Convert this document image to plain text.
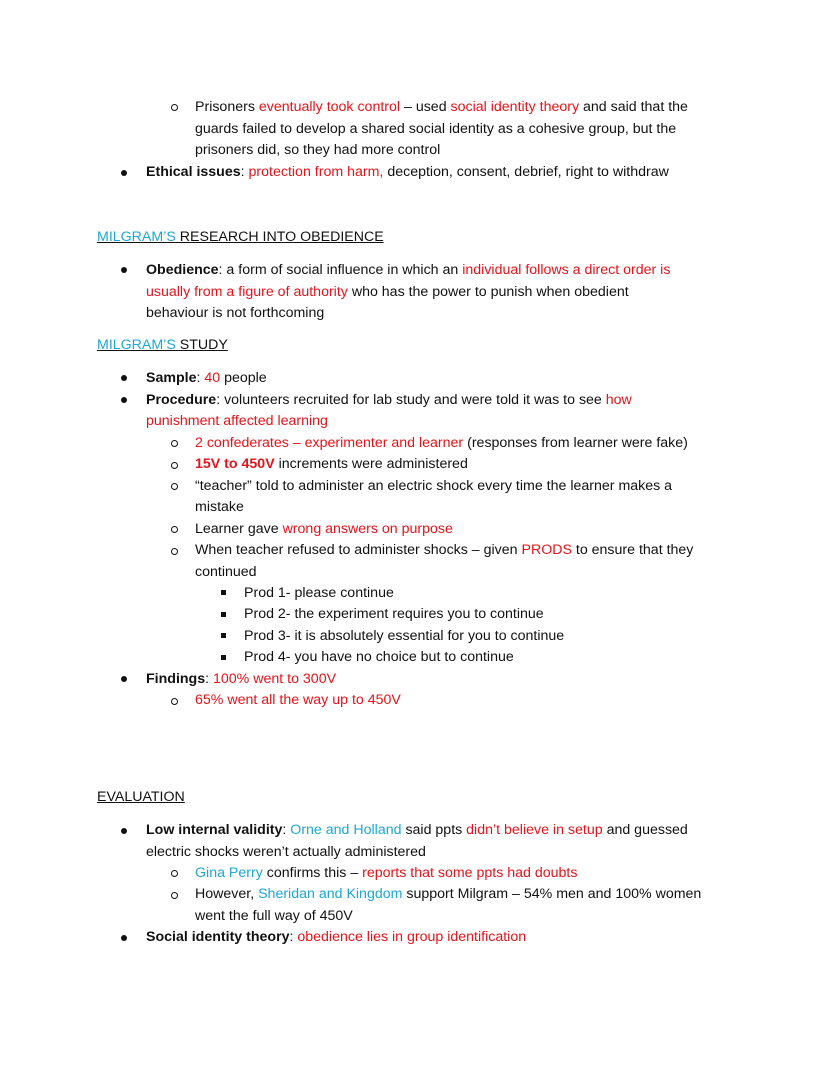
Prisoners eventually took control – used social identity theory and said that the
guards failed to develop a shared social identity as a cohesive group, but the
prisoners did, so they had more control
Ethical issues: protection from harm, deception, consent, debrief, right to withdraw
MILGRAM’S RESEARCH INTO OBEDIENCE
Obedience: a form of social influence in which an individual follows a direct order is
usually from a figure of authority who has the power to punish when obedient
behaviour is not forthcoming
MILGRAM’S STUDY
Sample: 40 people
Procedure: volunteers recruited for lab study and were told it was to see how
punishment affected learning
2 confederates – experimenter and learner (responses from learner were fake)
15V to 450V increments were administered
“teacher” told to administer an electric shock every time the learner makes a
mistake
Learner gave wrong answers on purpose
When teacher refused to administer shocks – given PRODS to ensure that they
continued
Prod 1- please continue
Prod 2- the experiment requires you to continue
Prod 3- it is absolutely essential for you to continue
Prod 4- you have no choice but to continue
Findings: 100% went to 300V
65% went all the way up to 450V
EVALUATION
Low internal validity: Orne and Holland said ppts didn’t believe in setup and guessed
electric shocks weren’t actually administered
Gina Perry confirms this – reports that some ppts had doubts
However, Sheridan and Kingdom support Milgram – 54% men and 100% women
went the full way of 450V
Social identity theory: obedience lies in group identification
